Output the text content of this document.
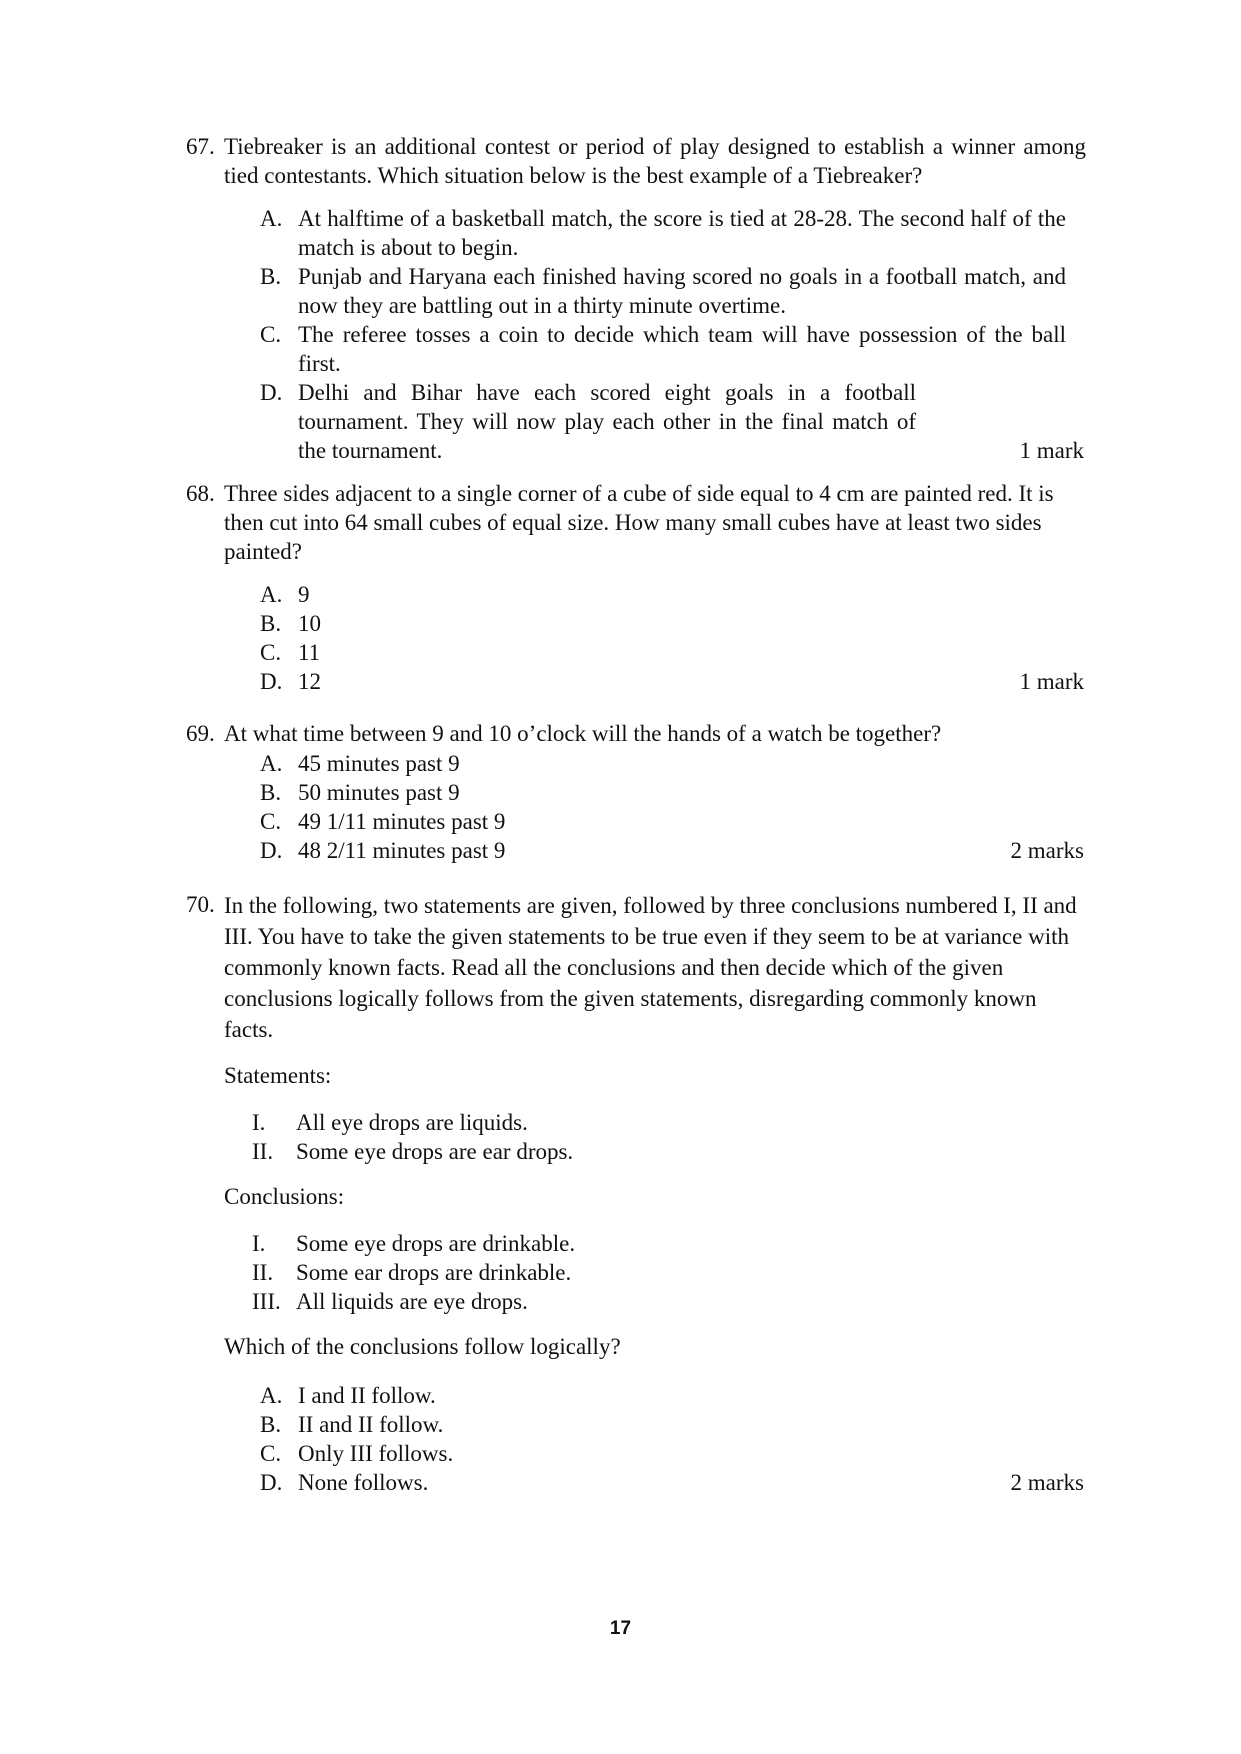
67. Tiebreaker is an additional contest or period of play designed to establish a winner among tied contestants. Which situation below is the best example of a Tiebreaker?
A. At halftime of a basketball match, the score is tied at 28-28. The second half of the match is about to begin.
B. Punjab and Haryana each finished having scored no goals in a football match, and now they are battling out in a thirty minute overtime.
C. The referee tosses a coin to decide which team will have possession of the ball first.
D. Delhi and Bihar have each scored eight goals in a football tournament. They will now play each other in the final match of the tournament.	1 mark
68. Three sides adjacent to a single corner of a cube of side equal to 4 cm are painted red. It is then cut into 64 small cubes of equal size. How many small cubes have at least two sides painted?
A. 9
B. 10
C. 11
D. 12	1 mark
69. At what time between 9 and 10 o’clock will the hands of a watch be together?
A. 45 minutes past 9
B. 50 minutes past 9
C. 49 1/11 minutes past 9
D. 48 2/11 minutes past 9	2 marks
70. In the following, two statements are given, followed by three conclusions numbered I, II and III. You have to take the given statements to be true even if they seem to be at variance with commonly known facts. Read all the conclusions and then decide which of the given conclusions logically follows from the given statements, disregarding commonly known facts.
Statements:
I.	All eye drops are liquids.
II. Some eye drops are ear drops.
Conclusions:
I.	Some eye drops are drinkable.
II. Some ear drops are drinkable.
III. All liquids are eye drops.
Which of the conclusions follow logically?
A. I and II follow.
B. II and II follow.
C. Only III follows.
D. None follows.	2 marks
17
